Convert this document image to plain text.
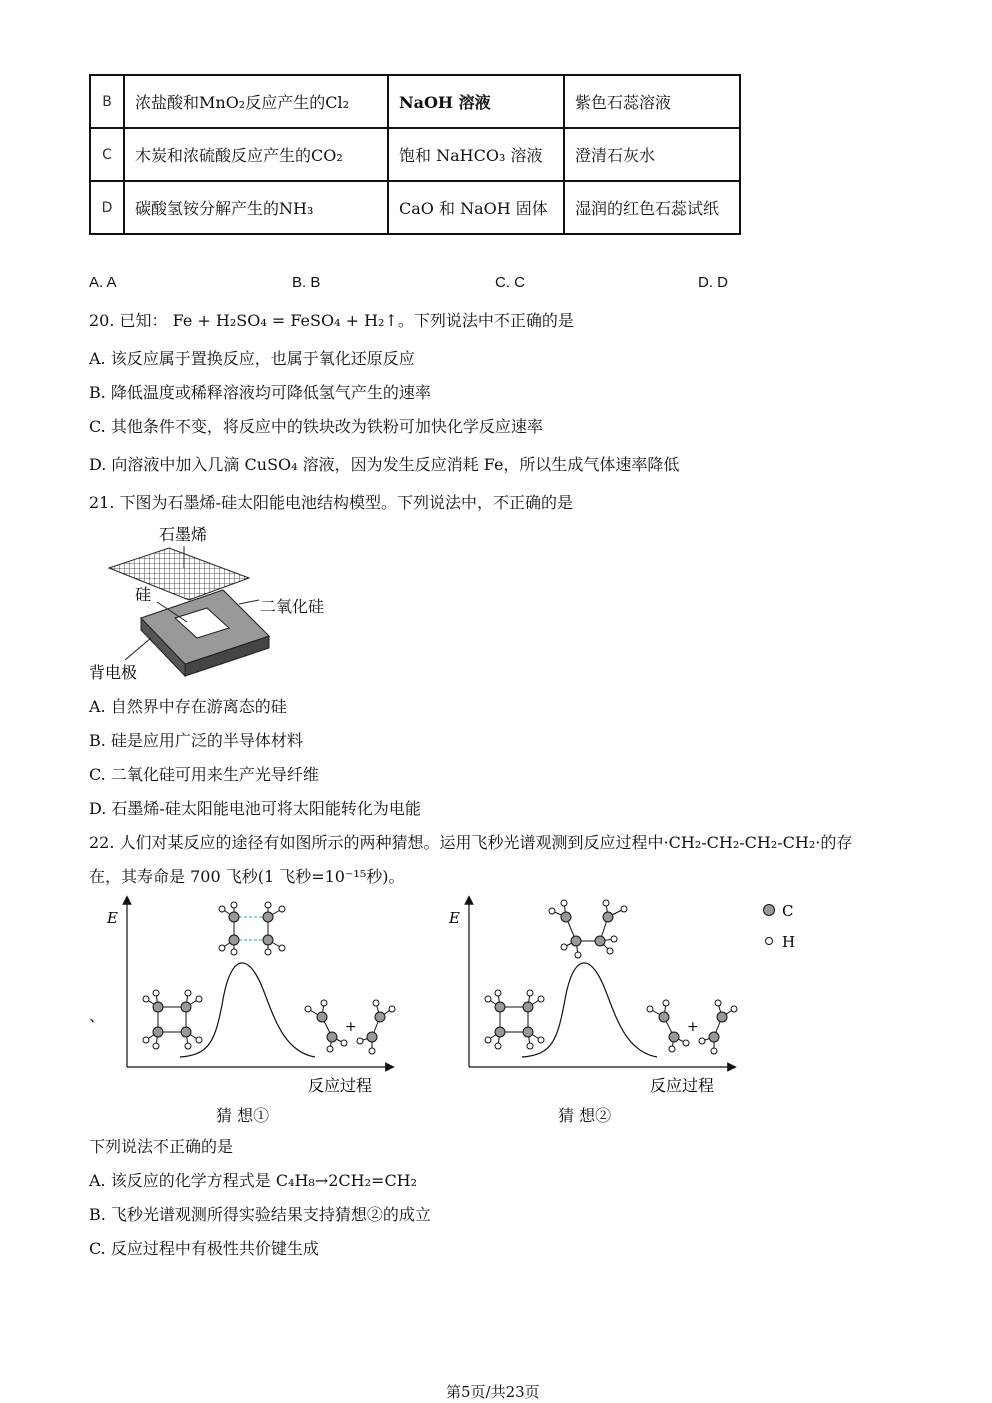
B	浓盐酸和MnO₂反应产生的Cl₂	NaOH 溶液	紫色石蕊溶液
C	木炭和浓硫酸反应产生的CO₂	饱和 NaHCO₃ 溶液	澄清石灰水
D	碳酸氢铵分解产生的NH₃	CaO 和 NaOH 固体	湿润的红色石蕊试纸
A. A	B. B	C. C	D. D
20. 已知： Fe + H₂SO₄ = FeSO₄ + H₂↑。下列说法中不正确的是
A. 该反应属于置换反应，也属于氧化还原反应
B. 降低温度或稀释溶液均可降低氢气产生的速率
C. 其他条件不变，将反应中的铁块改为铁粉可加快化学反应速率
D. 向溶液中加入几滴 CuSO₄ 溶液，因为发生反应消耗 Fe，所以生成气体速率降低
21. 下图为石墨烯-硅太阳能电池结构模型。下列说法中，不正确的是
石墨烯
硅
背电极
二氧化硅
A. 自然界中存在游离态的硅
B. 硅是应用广泛的半导体材料
C. 二氧化硅可用来生产光导纤维
D. 石墨烯-硅太阳能电池可将太阳能转化为电能
22. 人们对某反应的途径有如图所示的两种猜想。运用飞秒光谱观测到反应过程中·CH₂-CH₂-CH₂-CH₂·的存
在，其寿命是 700 飞秒(1 飞秒=10⁻¹⁵秒)。
E
反应过程
+
、
猜 想①
E
反应过程
+
猜 想②
C
H
下列说法不正确的是
A. 该反应的化学方程式是 C₄H₈→2CH₂=CH₂
B. 飞秒光谱观测所得实验结果支持猜想②的成立
C. 反应过程中有极性共价键生成
第5页/共23页
